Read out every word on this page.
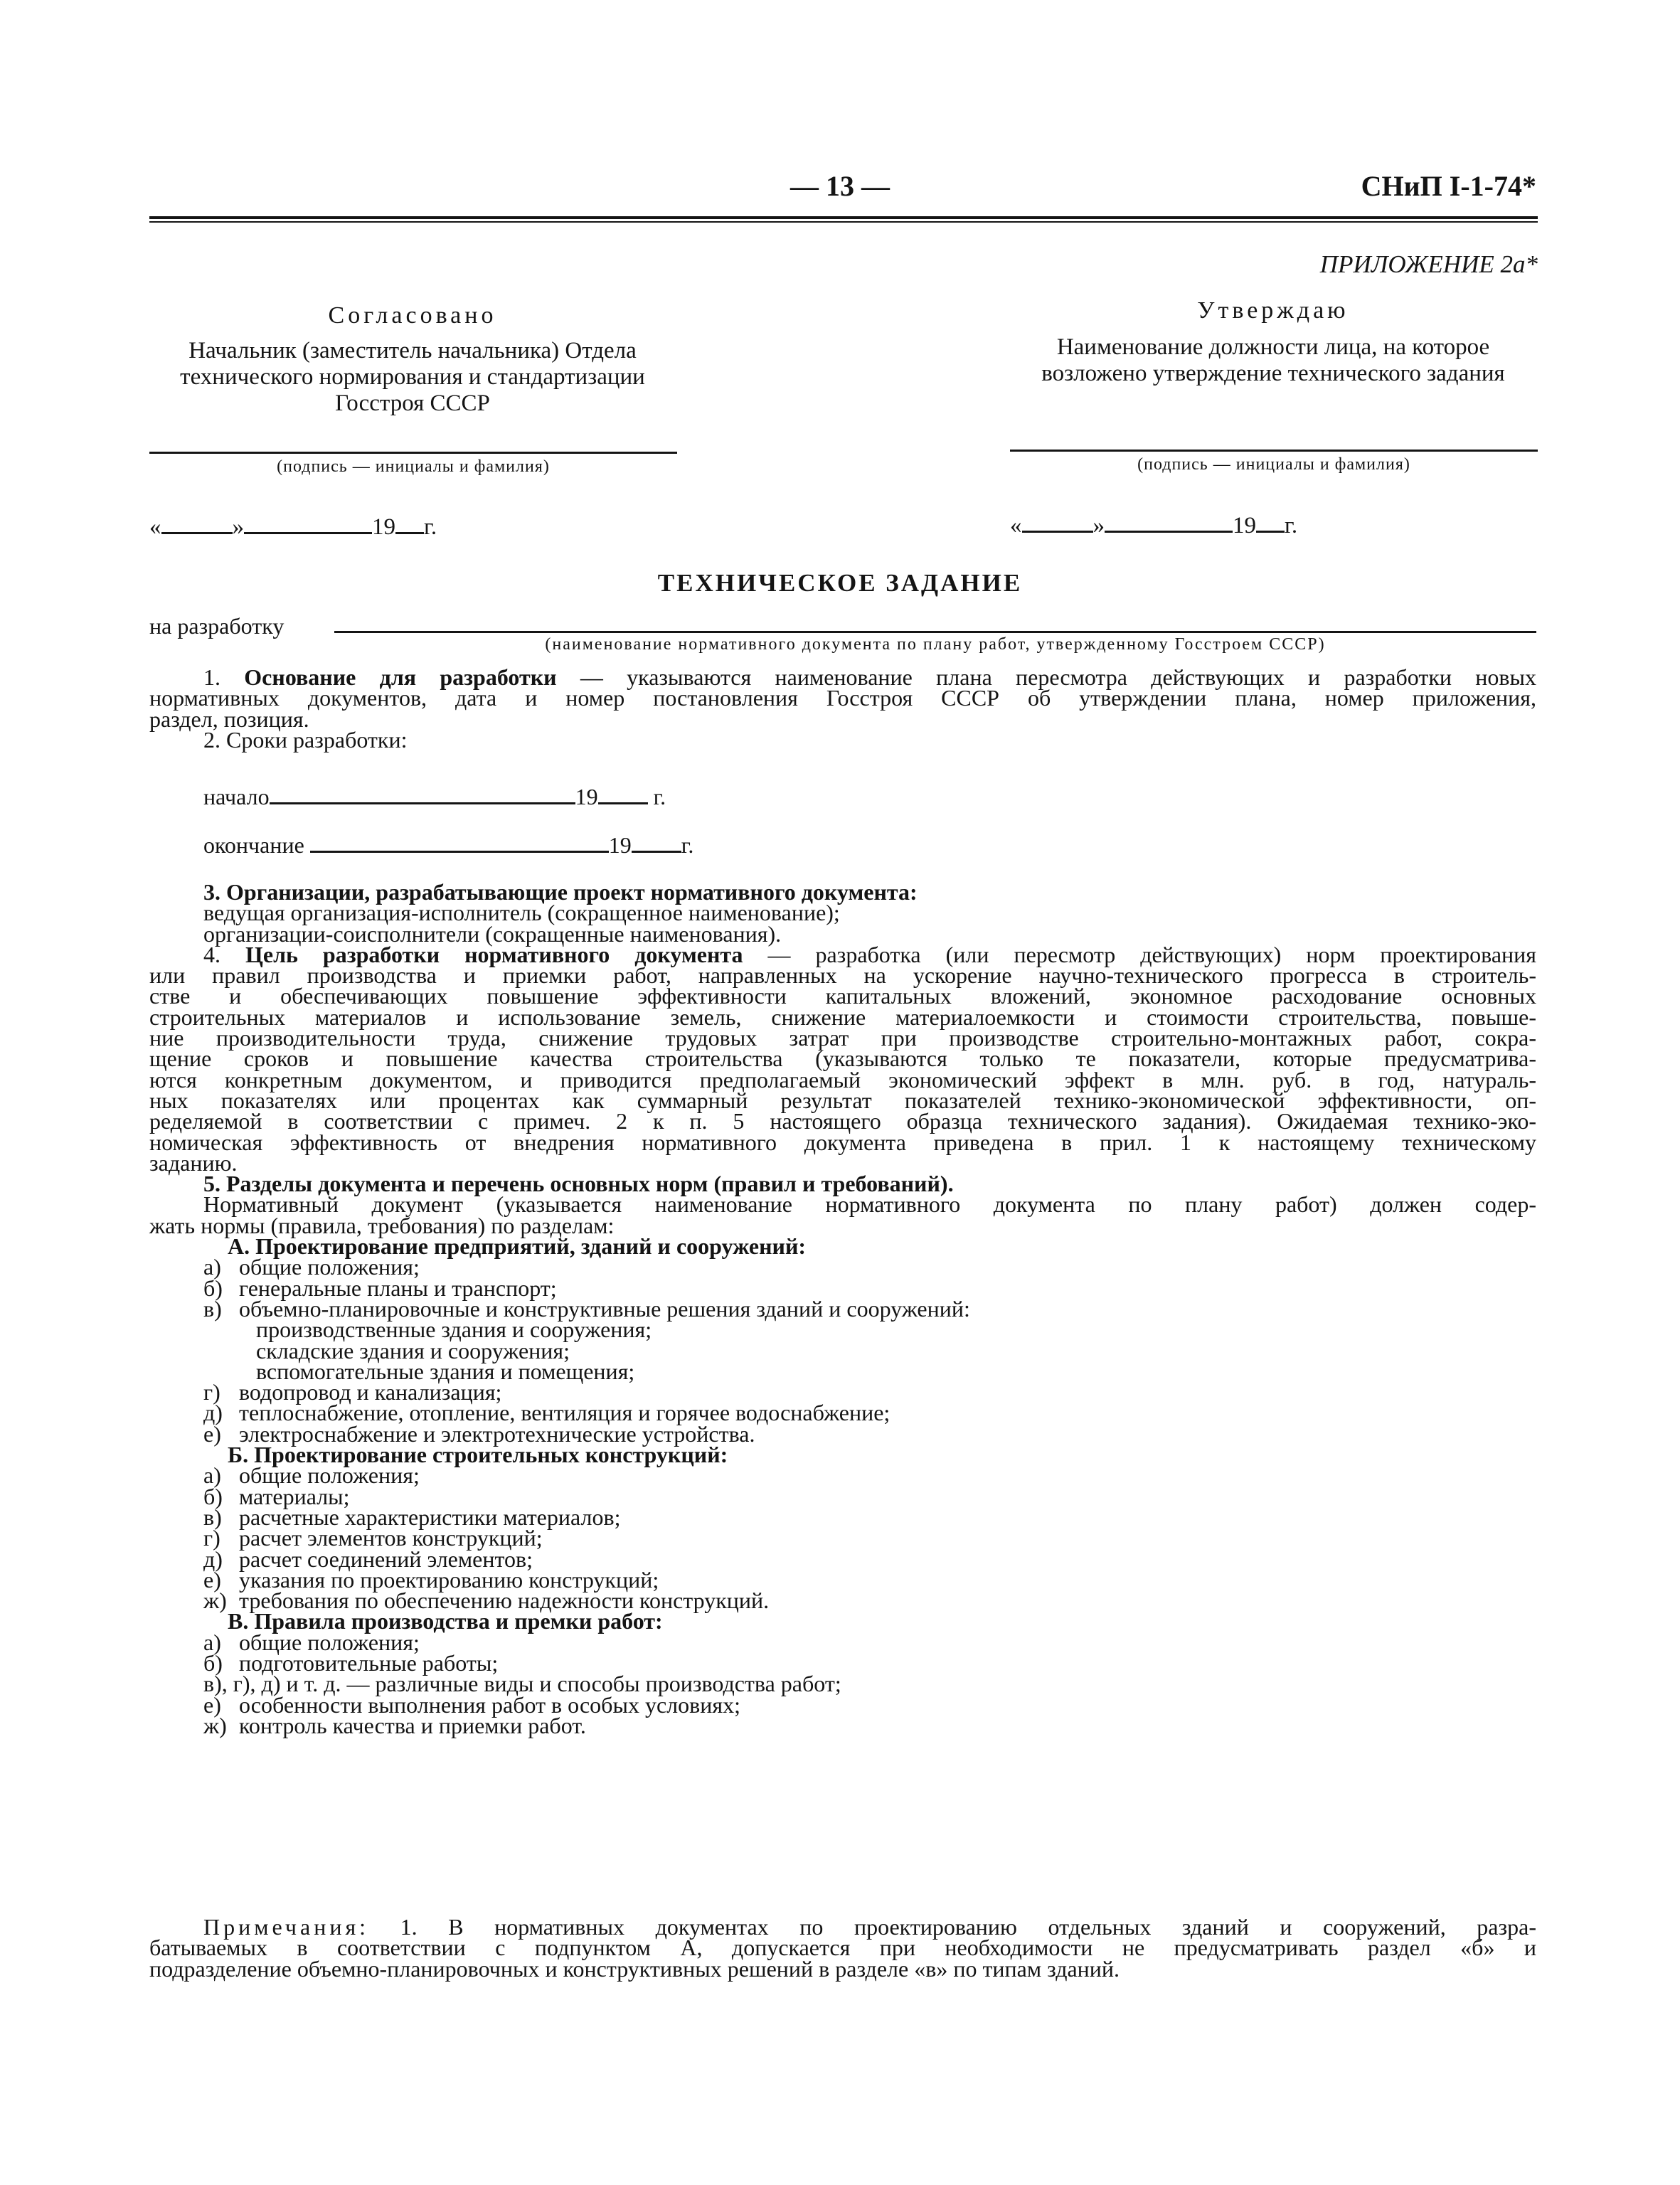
— 13 —	СНиП I-1-74*
ПРИЛОЖЕНИЕ 2а*
Согласовано
Начальник (заместитель начальника) Отдела технического нормирования и стандартизации Госстроя СССР
(подпись — инициалы и фамилия)
«	»	19 г.
Утверждаю
Наименование должности лица, на которое возложено утверждение технического задания
(подпись — инициалы и фамилия)
«	»	19 г.
ТЕХНИЧЕСКОЕ ЗАДАНИЕ
на разработку
(наименование нормативного документа по плану работ, утвержденному Госстроем СССР)

1. Основание для разработки — указываются наименование плана пересмотра действующих и разработки новых

нормативных документов, дата и номер постановления Госстроя СССР об утверждении плана, номер приложения,

раздел, позиция.

2. Сроки разработки:

начало	19 г.
окончание	19 г.

3. Организации, разрабатывающие проект нормативного документа:

ведущая организация-исполнитель (сокращенное наименование);

организации-соисполнители (сокращенные наименования).

4. Цель разработки нормативного документа — разработка (или пересмотр действующих) норм проектирования

или правил производства и приемки работ, направленных на ускорение научно-технического прогресса в строитель-

стве и обеспечивающих повышение эффективности капитальных вложений, экономное расходование основных

строительных материалов и использование земель, снижение материалоемкости и стоимости строительства, повыше-

ние производительности труда, снижение трудовых затрат при производстве строительно-монтажных работ, сокра-

щение сроков и повышение качества строительства (указываются только те показатели, которые предусматрива-

ются конкретным документом, и приводится предполагаемый экономический эффект в млн. руб. в год, натураль-

ных показателях или процентах как суммарный результат показателей технико-экономической эффективности, оп-

ределяемой в соответствии с примеч. 2 к п. 5 настоящего образца технического задания). Ожидаемая технико-эко-

номическая эффективность от внедрения нормативного документа приведена в прил. 1 к настоящему техническому

заданию.

5. Разделы документа и перечень основных норм (правил и требований).

Нормативный документ (указывается наименование нормативного документа по плану работ) должен содер-

жать нормы (правила, требования) по разделам:

А. Проектирование предприятий, зданий и сооружений:

а) общие положения;

б) генеральные планы и транспорт;

в) объемно-планировочные и конструктивные решения зданий и сооружений:

производственные здания и сооружения;

складские здания и сооружения;

вспомогательные здания и помещения;

г) водопровод и канализация;

д) теплоснабжение, отопление, вентиляция и горячее водоснабжение;

е) электроснабжение и электротехнические устройства.

Б. Проектирование строительных конструкций:

а) общие положения;

б) материалы;

в) расчетные характеристики материалов;

г) расчет элементов конструкций;

д) расчет соединений элементов;

е) указания по проектированию конструкций;

ж) требования по обеспечению надежности конструкций.

В. Правила производства и премки работ:

а) общие положения;

б) подготовительные работы;

в), г), д) и т. д. — различные виды и способы производства работ;

е) особенности выполнения работ в особых условиях;

ж) контроль качества и приемки работ.

Примечания: 1. В нормативных документах по проектированию отдельных зданий и сооружений, разра-

батываемых в соответствии с подпунктом А, допускается при необходимости не предусматривать раздел «б» и

подразделение объемно-планировочных и конструктивных решений в разделе «в» по типам зданий.
